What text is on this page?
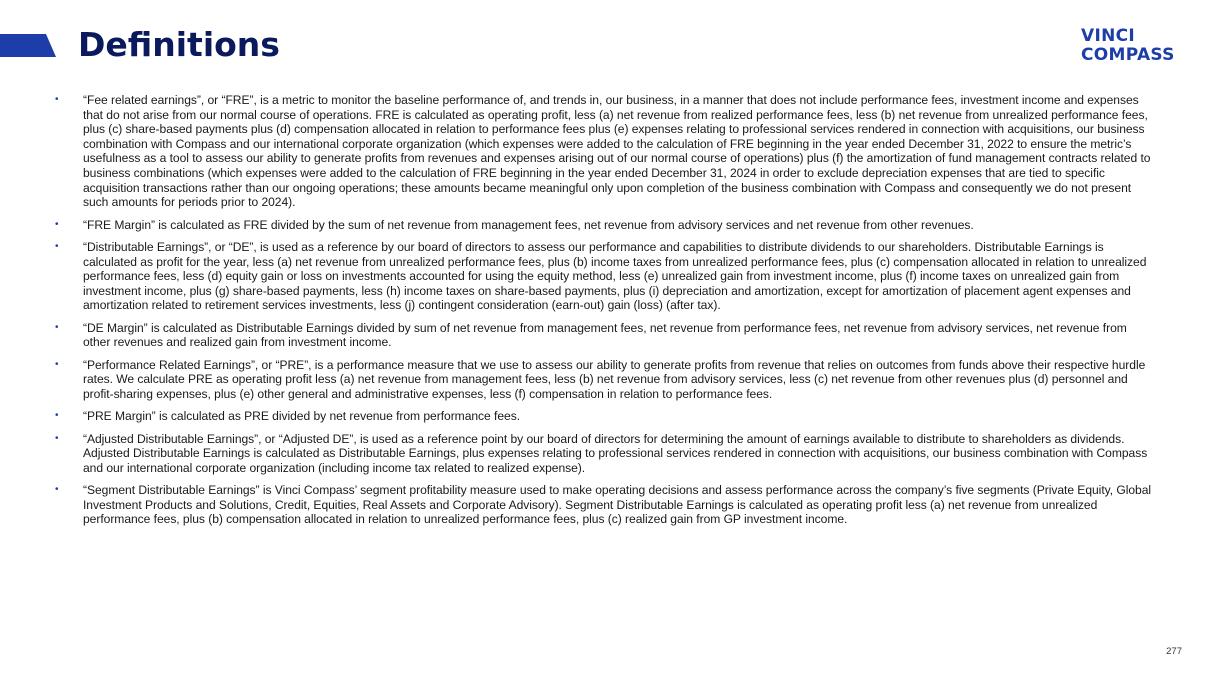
Definitions	VINCI
COMPASS
• “Fee related earnings”, or “FRE”, is a metric to monitor the baseline performance of, and trends in, our business, in a manner that does not include performance fees, investment income and expenses that do not arise from our normal course of operations. FRE is calculated as operating profit, less (a) net revenue from realized performance fees, less (b) net revenue from unrealized performance fees, plus (c) share-based payments plus (d) compensation allocated in relation to performance fees plus (e) expenses relating to professional services rendered in connection with acquisitions, our business combination with Compass and our international corporate organization (which expenses were added to the calculation of FRE beginning in the year ended December 31, 2022 to ensure the metric’s usefulness as a tool to assess our ability to generate profits from revenues and expenses arising out of our normal course of operations) plus (f) the amortization of fund management contracts related to business combinations (which expenses were added to the calculation of FRE beginning in the year ended December 31, 2024 in order to exclude depreciation expenses that are tied to specific acquisition transactions rather than our ongoing operations; these amounts became meaningful only upon completion of the business combination with Compass and consequently we do not present such amounts for periods prior to 2024).
• “FRE Margin” is calculated as FRE divided by the sum of net revenue from management fees, net revenue from advisory services and net revenue from other revenues.
• “Distributable Earnings”, or “DE”, is used as a reference by our board of directors to assess our performance and capabilities to distribute dividends to our shareholders. Distributable Earnings is calculated as profit for the year, less (a) net revenue from unrealized performance fees, plus (b) income taxes from unrealized performance fees, plus (c) compensation allocated in relation to unrealized performance fees, less (d) equity gain or loss on investments accounted for using the equity method, less (e) unrealized gain from investment income, plus (f) income taxes on unrealized gain from investment income, plus (g) share-based payments, less (h) income taxes on share-based payments, plus (i) depreciation and amortization, except for amortization of placement agent expenses and amortization related to retirement services investments, less (j) contingent consideration (earn-out) gain (loss) (after tax).
• “DE Margin” is calculated as Distributable Earnings divided by sum of net revenue from management fees, net revenue from performance fees, net revenue from advisory services, net revenue from other revenues and realized gain from investment income.
• “Performance Related Earnings”, or “PRE”, is a performance measure that we use to assess our ability to generate profits from revenue that relies on outcomes from funds above their respective hurdle rates. We calculate PRE as operating profit less (a) net revenue from management fees, less (b) net revenue from advisory services, less (c) net revenue from other revenues plus (d) personnel and profit-sharing expenses, plus (e) other general and administrative expenses, less (f) compensation in relation to performance fees.
• “PRE Margin” is calculated as PRE divided by net revenue from performance fees.
• “Adjusted Distributable Earnings”, or “Adjusted DE”, is used as a reference point by our board of directors for determining the amount of earnings available to distribute to shareholders as dividends. Adjusted Distributable Earnings is calculated as Distributable Earnings, plus expenses relating to professional services rendered in connection with acquisitions, our business combination with Compass and our international corporate organization (including income tax related to realized expense).
• “Segment Distributable Earnings” is Vinci Compass’ segment profitability measure used to make operating decisions and assess performance across the company’s five segments (Private Equity, Global Investment Products and Solutions, Credit, Equities, Real Assets and Corporate Advisory). Segment Distributable Earnings is calculated as operating profit less (a) net revenue from unrealized performance fees, plus (b) compensation allocated in relation to unrealized performance fees, plus (c) realized gain from GP investment income.
277
